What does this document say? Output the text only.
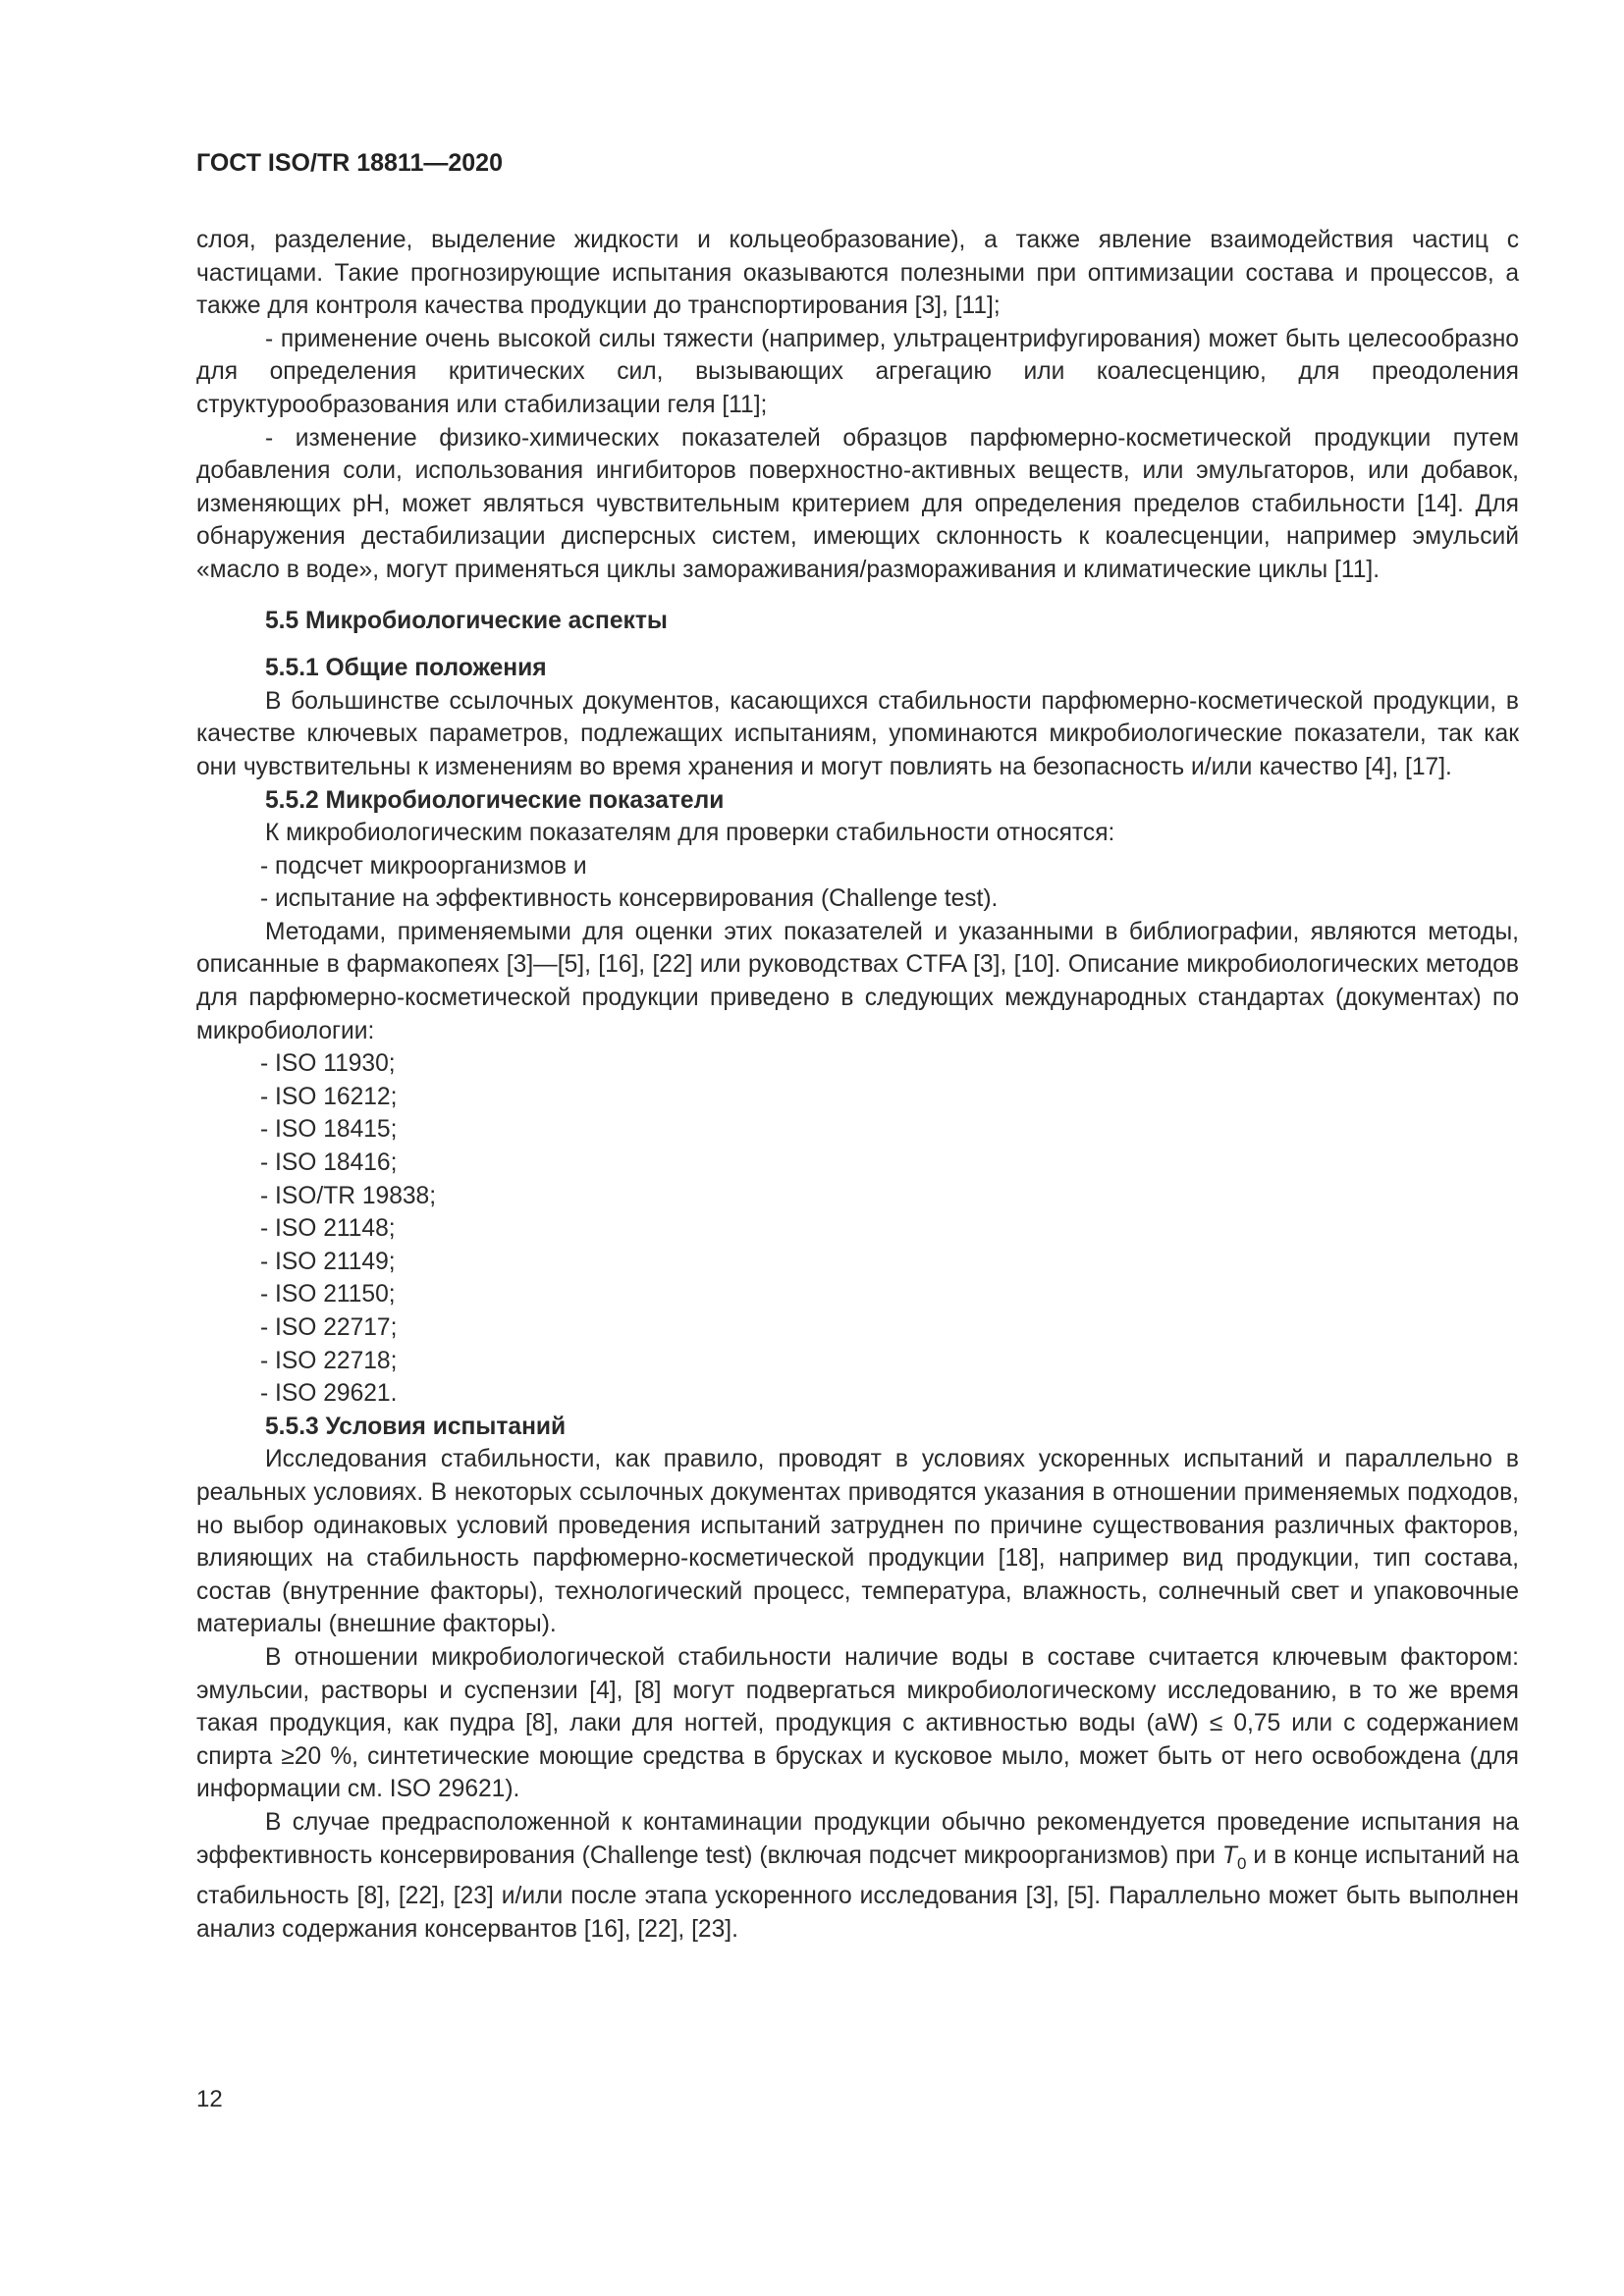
ГОСТ ISO/TR 18811—2020

слоя, разделение, выделение жидкости и кольцеобразование), а также явление взаимодействия частиц с частицами. Такие прогнозирующие испытания оказываются полезными при оптимизации состава и процессов, а также для контроля качества продукции до транспортирования [3], [11];

- применение очень высокой силы тяжести (например, ультрацентрифугирования) может быть целесообразно для определения критических сил, вызывающих агрегацию или коалесценцию, для преодоления структурообразования или стабилизации геля [11];

- изменение физико-химических показателей образцов парфюмерно-косметической продукции путем добавления соли, использования ингибиторов поверхностно-активных веществ, или эмульгаторов, или добавок, изменяющих pH, может являться чувствительным критерием для определения пределов стабильности [14]. Для обнаружения дестабилизации дисперсных систем, имеющих склонность к коалесценции, например эмульсий «масло в воде», могут применяться циклы замораживания/размораживания и климатические циклы [11].

5.5 Микробиологические аспекты
5.5.1 Общие положения

В большинстве ссылочных документов, касающихся стабильности парфюмерно-косметической продукции, в качестве ключевых параметров, подлежащих испытаниям, упоминаются микробиологические показатели, так как они чувствительны к изменениям во время хранения и могут повлиять на безопасность и/или качество [4], [17].

5.5.2 Микробиологические показатели

К микробиологическим показателям для проверки стабильности относятся:

- подсчет микроорганизмов и
- испытание на эффективность консервирования (Challenge test).

Методами, применяемыми для оценки этих показателей и указанными в библиографии, являются методы, описанные в фармакопеях [3]—[5], [16], [22] или руководствах CTFA [3], [10]. Описание микробиологических методов для парфюмерно-косметической продукции приведено в следующих международных стандартах (документах) по микробиологии:

- ISO 11930;
- ISO 16212;
- ISO 18415;
- ISO 18416;
- ISO/TR 19838;
- ISO 21148;
- ISO 21149;
- ISO 21150;
- ISO 22717;
- ISO 22718;
- ISO 29621.
5.5.3 Условия испытаний

Исследования стабильности, как правило, проводят в условиях ускоренных испытаний и параллельно в реальных условиях. В некоторых ссылочных документах приводятся указания в отношении применяемых подходов, но выбор одинаковых условий проведения испытаний затруднен по причине существования различных факторов, влияющих на стабильность парфюмерно-косметической продукции [18], например вид продукции, тип состава, состав (внутренние факторы), технологический процесс, температура, влажность, солнечный свет и упаковочные материалы (внешние факторы).

В отношении микробиологической стабильности наличие воды в составе считается ключевым фактором: эмульсии, растворы и суспензии [4], [8] могут подвергаться микробиологическому исследованию, в то же время такая продукция, как пудра [8], лаки для ногтей, продукция с активностью воды (aW) ≤ 0,75 или с содержанием спирта ≥20 %, синтетические моющие средства в брусках и кусковое мыло, может быть от него освобождена (для информации см. ISO 29621).

В случае предрасположенной к контаминации продукции обычно рекомендуется проведение испытания на эффективность консервирования (Challenge test) (включая подсчет микроорганизмов) при $T_0$ и в конце испытаний на стабильность [8], [22], [23] и/или после этапа ускоренного исследования [3], [5]. Параллельно может быть выполнен анализ содержания консервантов [16], [22], [23].

12
